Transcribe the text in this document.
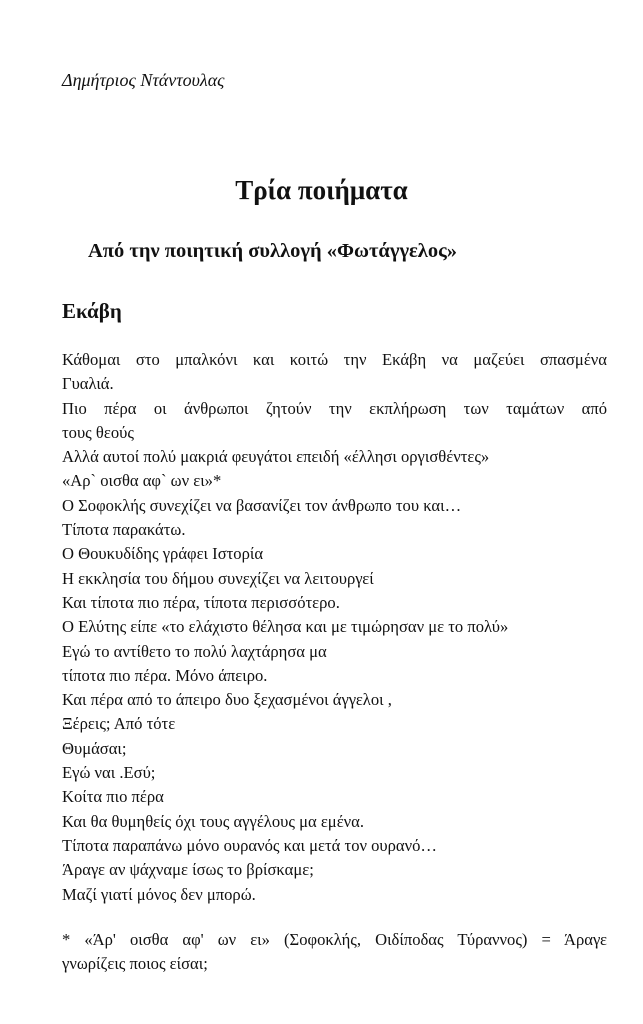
Δημήτριος Ντάντουλας
Τρία ποιήματα
Από την ποιητική συλλογή «Φωτάγγελος»
Εκάβη
Κάθομαι στο μπαλκόνι και κοιτώ την Εκάβη να μαζεύει σπασμένα
Γυαλιά.
Πιο πέρα οι άνθρωποι ζητούν την εκπλήρωση των ταμάτων από
τους θεούς
Αλλά αυτοί πολύ μακριά φευγάτοι επειδή «έλλησι οργισθέντες»
«Αρ` οισθα αφ` ων ει»*
Ο Σοφοκλής συνεχίζει να βασανίζει τον άνθρωπο του και…
Τίποτα παρακάτω.
Ο Θουκυδίδης γράφει Ιστορία
Η εκκλησία του δήμου συνεχίζει να λειτουργεί
Και τίποτα πιο πέρα, τίποτα περισσότερο.
Ο Ελύτης είπε «το ελάχιστο θέλησα και με τιμώρησαν με το πολύ»
Εγώ το αντίθετο το πολύ λαχτάρησα μα
τίποτα πιο πέρα. Μόνο άπειρο.
Και πέρα από το άπειρο δυο ξεχασμένοι άγγελοι ,
Ξέρεις; Από τότε
Θυμάσαι;
Εγώ ναι .Εσύ;
Κοίτα πιο πέρα
Και θα θυμηθείς όχι τους αγγέλους μα εμένα.
Τίποτα παραπάνω μόνο ουρανός και μετά τον ουρανό…
Άραγε αν ψάχναμε ίσως το βρίσκαμε;
Μαζί γιατί μόνος δεν μπορώ.
* «Άρ' οισθα αφ' ων ει» (Σοφοκλής, Οιδίποδας Τύραννος) = Άραγε
γνωρίζεις ποιος είσαι;
